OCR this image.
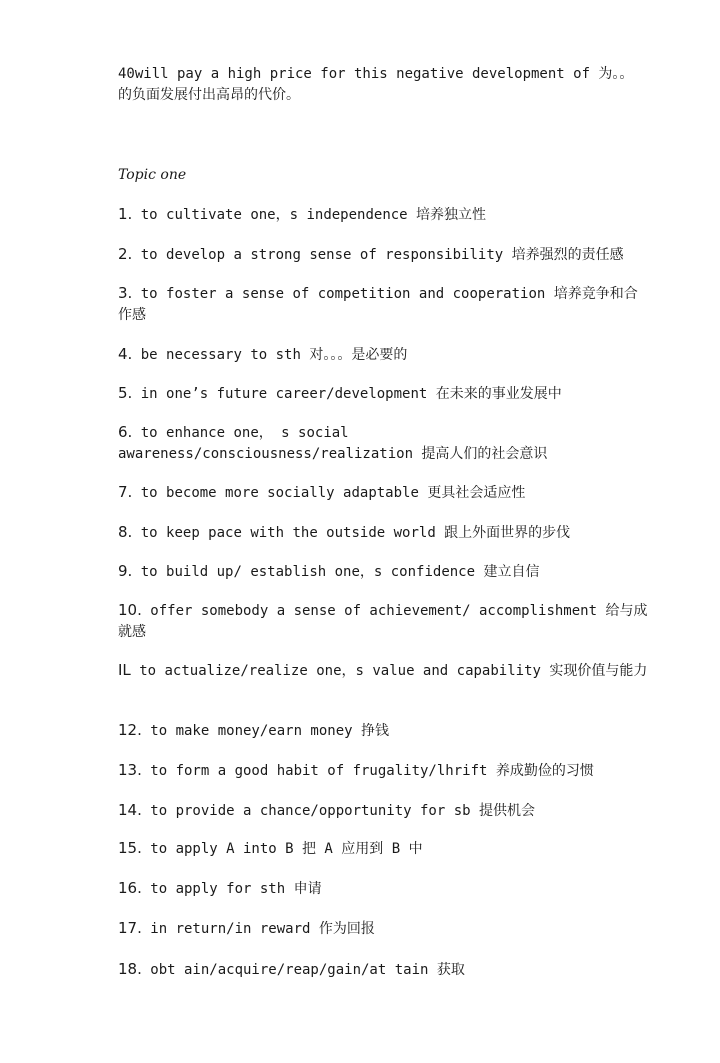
40will pay a high price for this negative development of 为。。
的负面发展付出高昂的代价。

Topic one

1. to cultivate one，s independence 培养独立性
2. to develop a strong sense of responsibility 培养强烈的责任感
3. to foster a sense of competition and cooperation 培养竞争和合作感
4. be necessary to sth 对。。。是必要的
5. in one’s future career/development 在未来的事业发展中
6. to enhance one， s social awareness/consciousness/realization 提高人们的社会意识
7. to become more socially adaptable 更具社会适应性
8. to keep pace with the outside world 跟上外面世界的步伐
9. to build up/ establish one，s confidence 建立自信
10. offer somebody a sense of achievement/ accomplishment 给与成就感
IL to actualize/realize one，s value and capability 实现价值与能力
12. to make money/earn money 挣钱
13. to form a good habit of frugality/lhrift 养成勤俭的习惯
14. to provide a chance/opportunity for sb 提供机会
15. to apply A into B 把 A 应用到 B 中
16. to apply for sth 申请
17. in return/in reward 作为回报
18. obt ain/acquire/reap/gain/at tain 获取
